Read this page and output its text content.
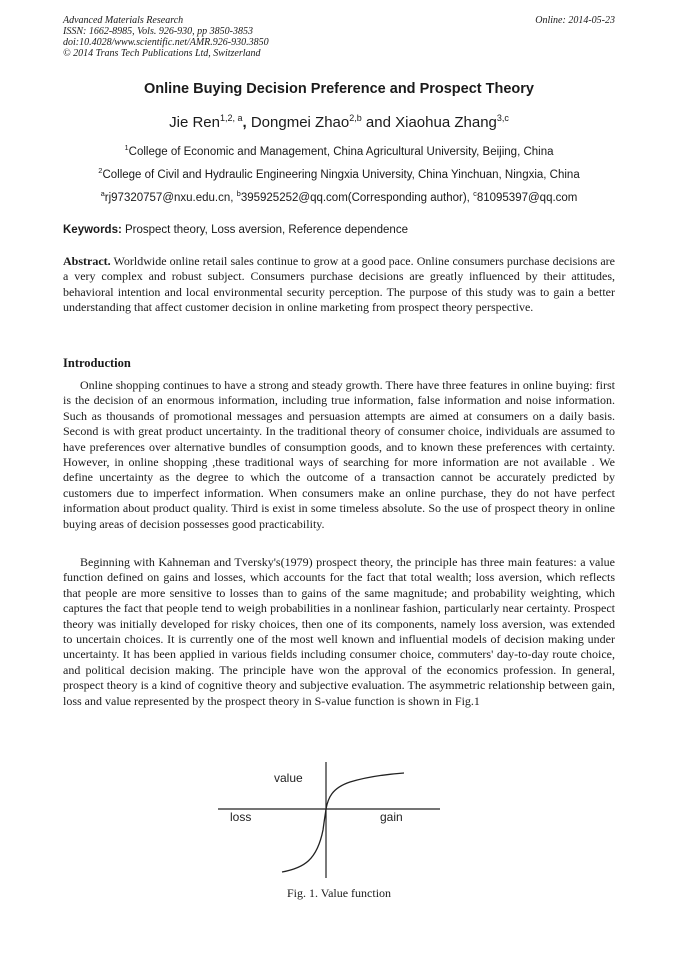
Advanced Materials Research
ISSN: 1662-8985, Vols. 926-930, pp 3850-3853
doi:10.4028/www.scientific.net/AMR.926-930.3850
© 2014 Trans Tech Publications Ltd, Switzerland
Online: 2014-05-23
Online Buying Decision Preference and Prospect Theory
Jie Ren$^{1,2, a}$, Dongmei Zhao$^{2,b}$ and Xiaohua Zhang$^{3,c}$
$^1$College of Economic and Management, China Agricultural University, Beijing, China
$^2$College of Civil and Hydraulic Engineering Ningxia University, China Yinchuan, Ningxia, China
$^a$rj97320757@nxu.edu.cn, $^b$395925252@qq.com(Corresponding author), $^c$81095397@qq.com
Keywords: Prospect theory, Loss aversion, Reference dependence
Abstract. Worldwide online retail sales continue to grow at a good pace. Online consumers purchase decisions are a very complex and robust subject. Consumers purchase decisions are greatly influenced by their attitudes, behavioral intention and local environmental security perception. The purpose of this study was to gain a better understanding that affect customer decision in online marketing from prospect theory perspective.
Introduction

Online shopping continues to have a strong and steady growth. There have three features in online buying: first is the decision of an enormous information, including true information, false information and noise information. Such as thousands of promotional messages and persuasion attempts are aimed at consumers on a daily basis. Second is with great product uncertainty. In the traditional theory of consumer choice, individuals are assumed to have preferences over alternative bundles of consumption goods, and to known these preferences with certainty. However, in online shopping ,these traditional ways of searching for more information are not available . We define uncertainty as the degree to which the outcome of a transaction cannot be accurately predicted by customers due to imperfect information. When consumers make an online purchase, they do not have perfect information about product quality. Third is exist in some timeless absolute. So the use of prospect theory in online buying areas of decision possesses good practicability.

Beginning with Kahneman and Tversky's(1979) prospect theory, the principle has three main features: a value function defined on gains and losses, which accounts for the fact that total wealth; loss aversion, which reflects that people are more sensitive to losses than to gains of the same magnitude; and probability weighting, which captures the fact that people tend to weigh probabilities in a nonlinear fashion, particularly near certainty. Prospect theory was initially developed for risky choices, then one of its components, namely loss aversion, was extended to uncertain choices. It is currently one of the most well known and influential models of decision making under uncertainty. It has been applied in various fields including consumer choice, commuters' day-to-day route choice, and political decision making. The principle have won the approval of the economics profession. In general, prospect theory is a kind of cognitive theory and subjective evaluation. The asymmetric relationship between gain, loss and value represented by the prospect theory in S-value function is shown in Fig.1

value
loss	gain
Fig. 1. Value function
